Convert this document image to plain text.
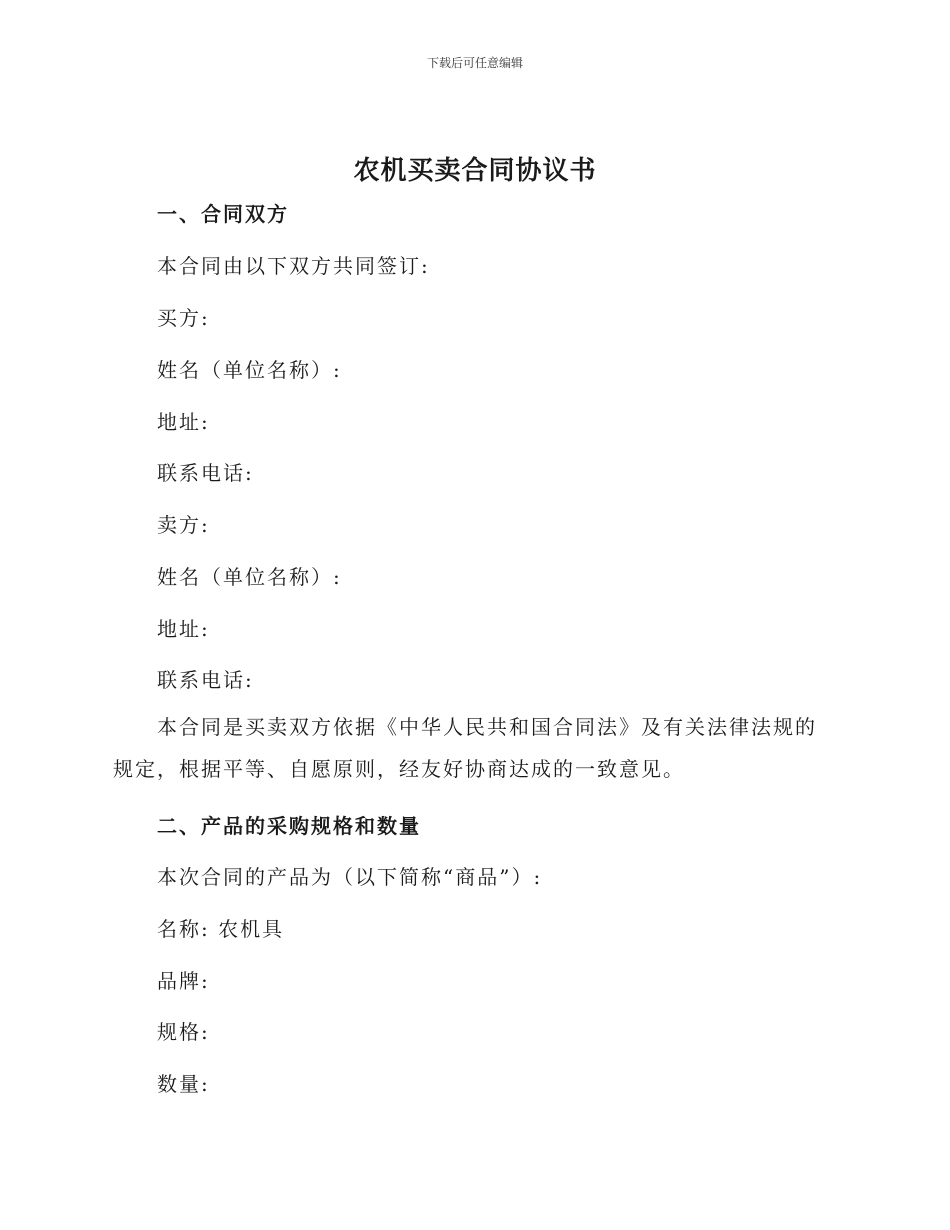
下载后可任意编辑
农机买卖合同协议书
一、合同双方
本合同由以下双方共同签订:
买方:
姓名（单位名称）:
地址:
联系电话:
卖方:
姓名（单位名称）:
地址:
联系电话:
本合同是买卖双方依据《中华人民共和国合同法》及有关法律法规的规定，根据平等、自愿原则，经友好协商达成的一致意见。
二、产品的采购规格和数量
本次合同的产品为（以下简称“商品”）:
名称: 农机具
品牌:
规格:
数量:
